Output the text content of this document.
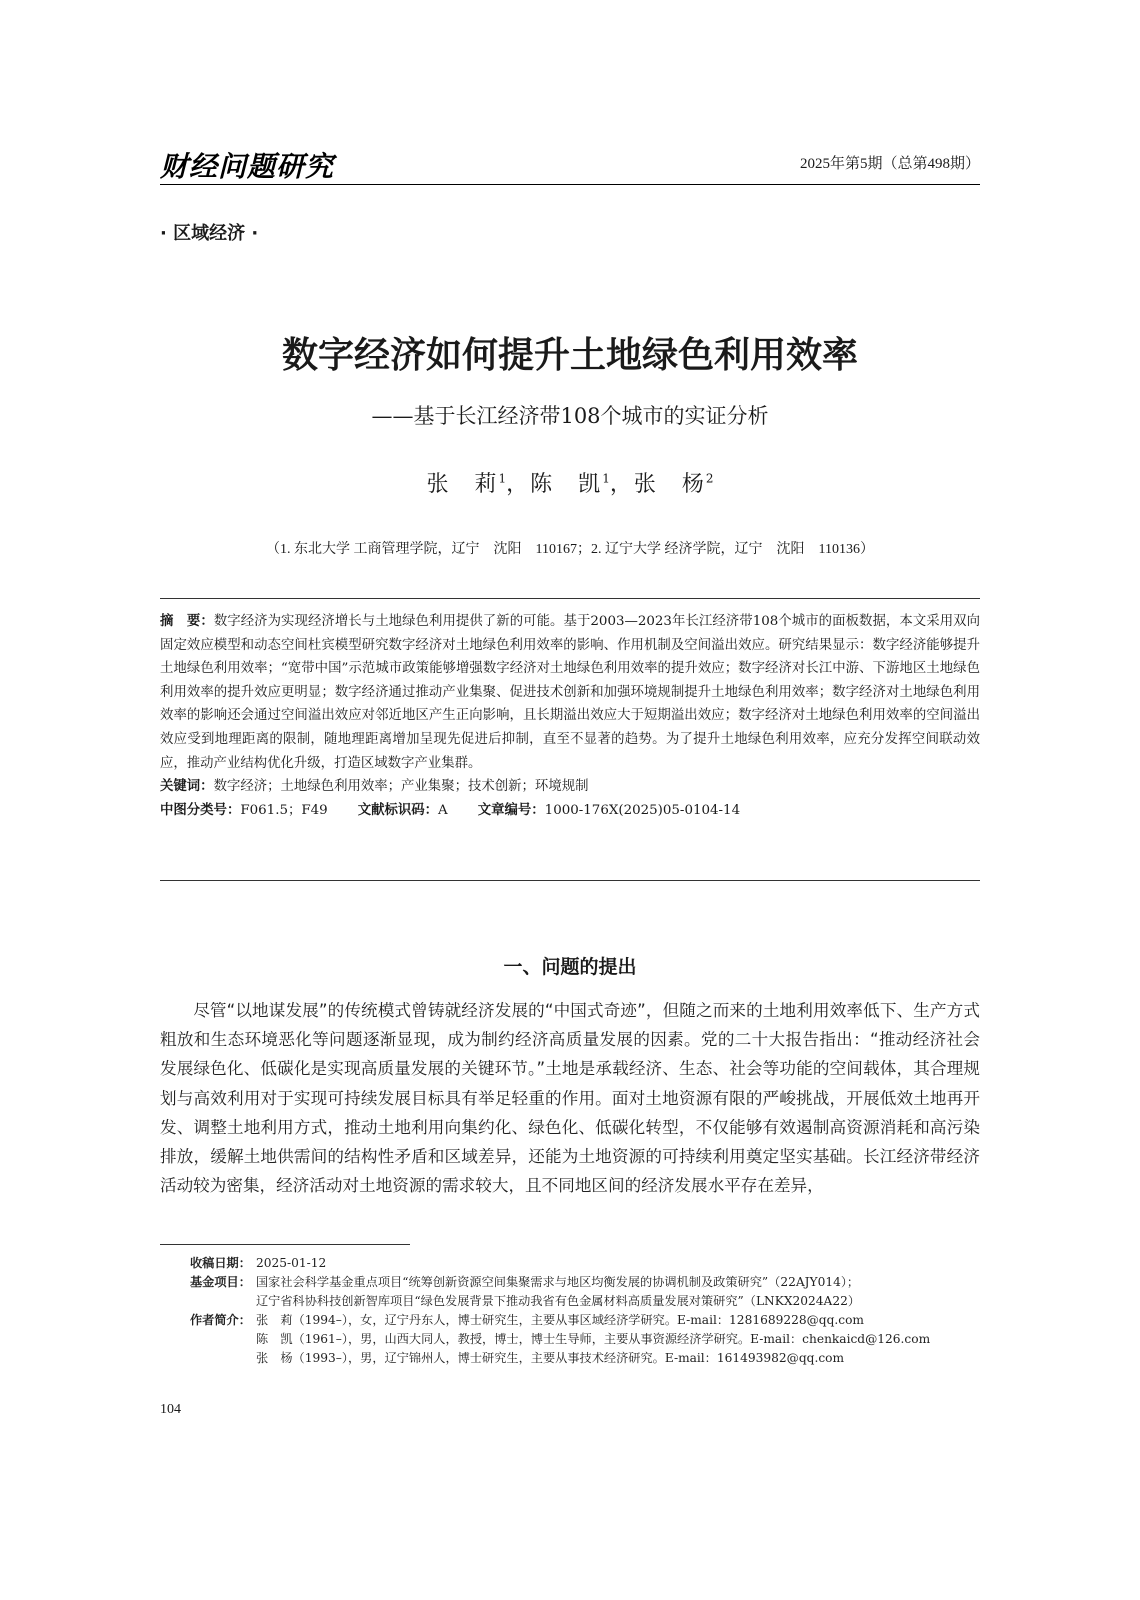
财经问题研究	2025年第5期（总第498期）
· 区域经济 ·
数字经济如何提升土地绿色利用效率
——基于长江经济带108个城市的实证分析
张　莉$^1$，陈　凯$^1$，张　杨$^2$
（1. 东北大学 工商管理学院，辽宁　沈阳　110167；2. 辽宁大学 经济学院，辽宁　沈阳　110136）
摘　要：数字经济为实现经济增长与土地绿色利用提供了新的可能。基于2003—2023年长江经济带108个城市的面板数据，本文采用双向固定效应模型和动态空间杜宾模型研究数字经济对土地绿色利用效率的影响、作用机制及空间溢出效应。研究结果显示：数字经济能够提升土地绿色利用效率；“宽带中国”示范城市政策能够增强数字经济对土地绿色利用效率的提升效应；数字经济对长江中游、下游地区土地绿色利用效率的提升效应更明显；数字经济通过推动产业集聚、促进技术创新和加强环境规制提升土地绿色利用效率；数字经济对土地绿色利用效率的影响还会通过空间溢出效应对邻近地区产生正向影响，且长期溢出效应大于短期溢出效应；数字经济对土地绿色利用效率的空间溢出效应受到地理距离的限制，随地理距离增加呈现先促进后抑制，直至不显著的趋势。为了提升土地绿色利用效率，应充分发挥空间联动效应，推动产业结构优化升级，打造区域数字产业集群。
关键词：数字经济；土地绿色利用效率；产业集聚；技术创新；环境规制
中图分类号：F061.5；F49 文献标识码：A 文章编号：1000-176X(2025)05-0104-14
一、问题的提出
尽管“以地谋发展”的传统模式曾铸就经济发展的“中国式奇迹”，但随之而来的土地利用效率低下、生产方式粗放和生态环境恶化等问题逐渐显现，成为制约经济高质量发展的因素。党的二十大报告指出：“推动经济社会发展绿色化、低碳化是实现高质量发展的关键环节。”土地是承载经济、生态、社会等功能的空间载体，其合理规划与高效利用对于实现可持续发展目标具有举足轻重的作用。面对土地资源有限的严峻挑战，开展低效土地再开发、调整土地利用方式，推动土地利用向集约化、绿色化、低碳化转型，不仅能够有效遏制高资源消耗和高污染排放，缓解土地供需间的结构性矛盾和区域差异，还能为土地资源的可持续利用奠定坚实基础。长江经济带经济活动较为密集，经济活动对土地资源的需求较大，且不同地区间的经济发展水平存在差异，
收稿日期： 2025-01-12
基金项目： 国家社会科学基金重点项目“统筹创新资源空间集聚需求与地区均衡发展的协调机制及政策研究”（22AJY014）；
辽宁省科协科技创新智库项目“绿色发展背景下推动我省有色金属材料高质量发展对策研究”（LNKX2024A22）
作者简介： 张　莉（1994–），女，辽宁丹东人，博士研究生，主要从事区域经济学研究。E-mail：1281689228@qq.com
陈　凯（1961–），男，山西大同人，教授，博士，博士生导师，主要从事资源经济学研究。E-mail：chenkaicd@126.com
张　杨（1993–），男，辽宁锦州人，博士研究生，主要从事技术经济研究。E-mail：161493982@qq.com
104
